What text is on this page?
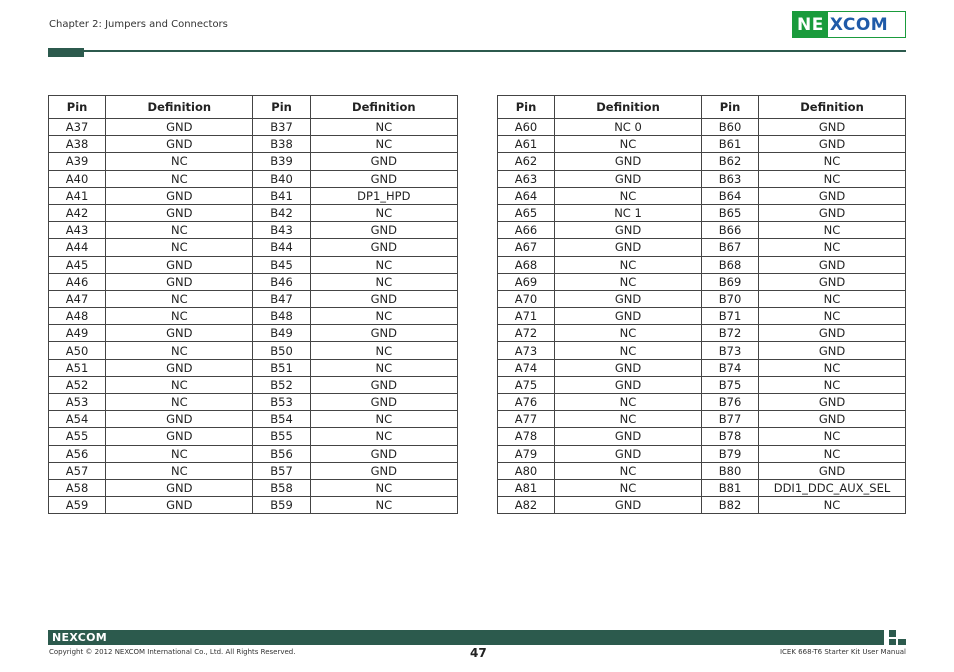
Chapter 2: Jumpers and Connectors	NE XCOM
Pin	Definition	Pin	Definition
A37	GND	B37	NC
A38	GND	B38	NC
A39	NC	B39	GND
A40	NC	B40	GND
A41	GND	B41	DP1_HPD
A42	GND	B42	NC
A43	NC	B43	GND
A44	NC	B44	GND
A45	GND	B45	NC
A46	GND	B46	NC
A47	NC	B47	GND
A48	NC	B48	NC
A49	GND	B49	GND
A50	NC	B50	NC
A51	GND	B51	NC
A52	NC	B52	GND
A53	NC	B53	GND
A54	GND	B54	NC
A55	GND	B55	NC
A56	NC	B56	GND
A57	NC	B57	GND
A58	GND	B58	NC
A59	GND	B59	NC
Pin	Definition	Pin	Definition
A60	NC 0	B60	GND
A61	NC	B61	GND
A62	GND	B62	NC
A63	GND	B63	NC
A64	NC	B64	GND
A65	NC 1	B65	GND
A66	GND	B66	NC
A67	GND	B67	NC
A68	NC	B68	GND
A69	NC	B69	GND
A70	GND	B70	NC
A71	GND	B71	NC
A72	NC	B72	GND
A73	NC	B73	GND
A74	GND	B74	NC
A75	GND	B75	NC
A76	NC	B76	GND
A77	NC	B77	GND
A78	GND	B78	NC
A79	GND	B79	NC
A80	NC	B80	GND
A81	NC	B81	DDI1_DDC_AUX_SEL
A82	GND	B82	NC
NEXCOM
Copyright © 2012 NEXCOM International Co., Ltd. All Rights Reserved.	47	ICEK 668-T6 Starter Kit User Manual
